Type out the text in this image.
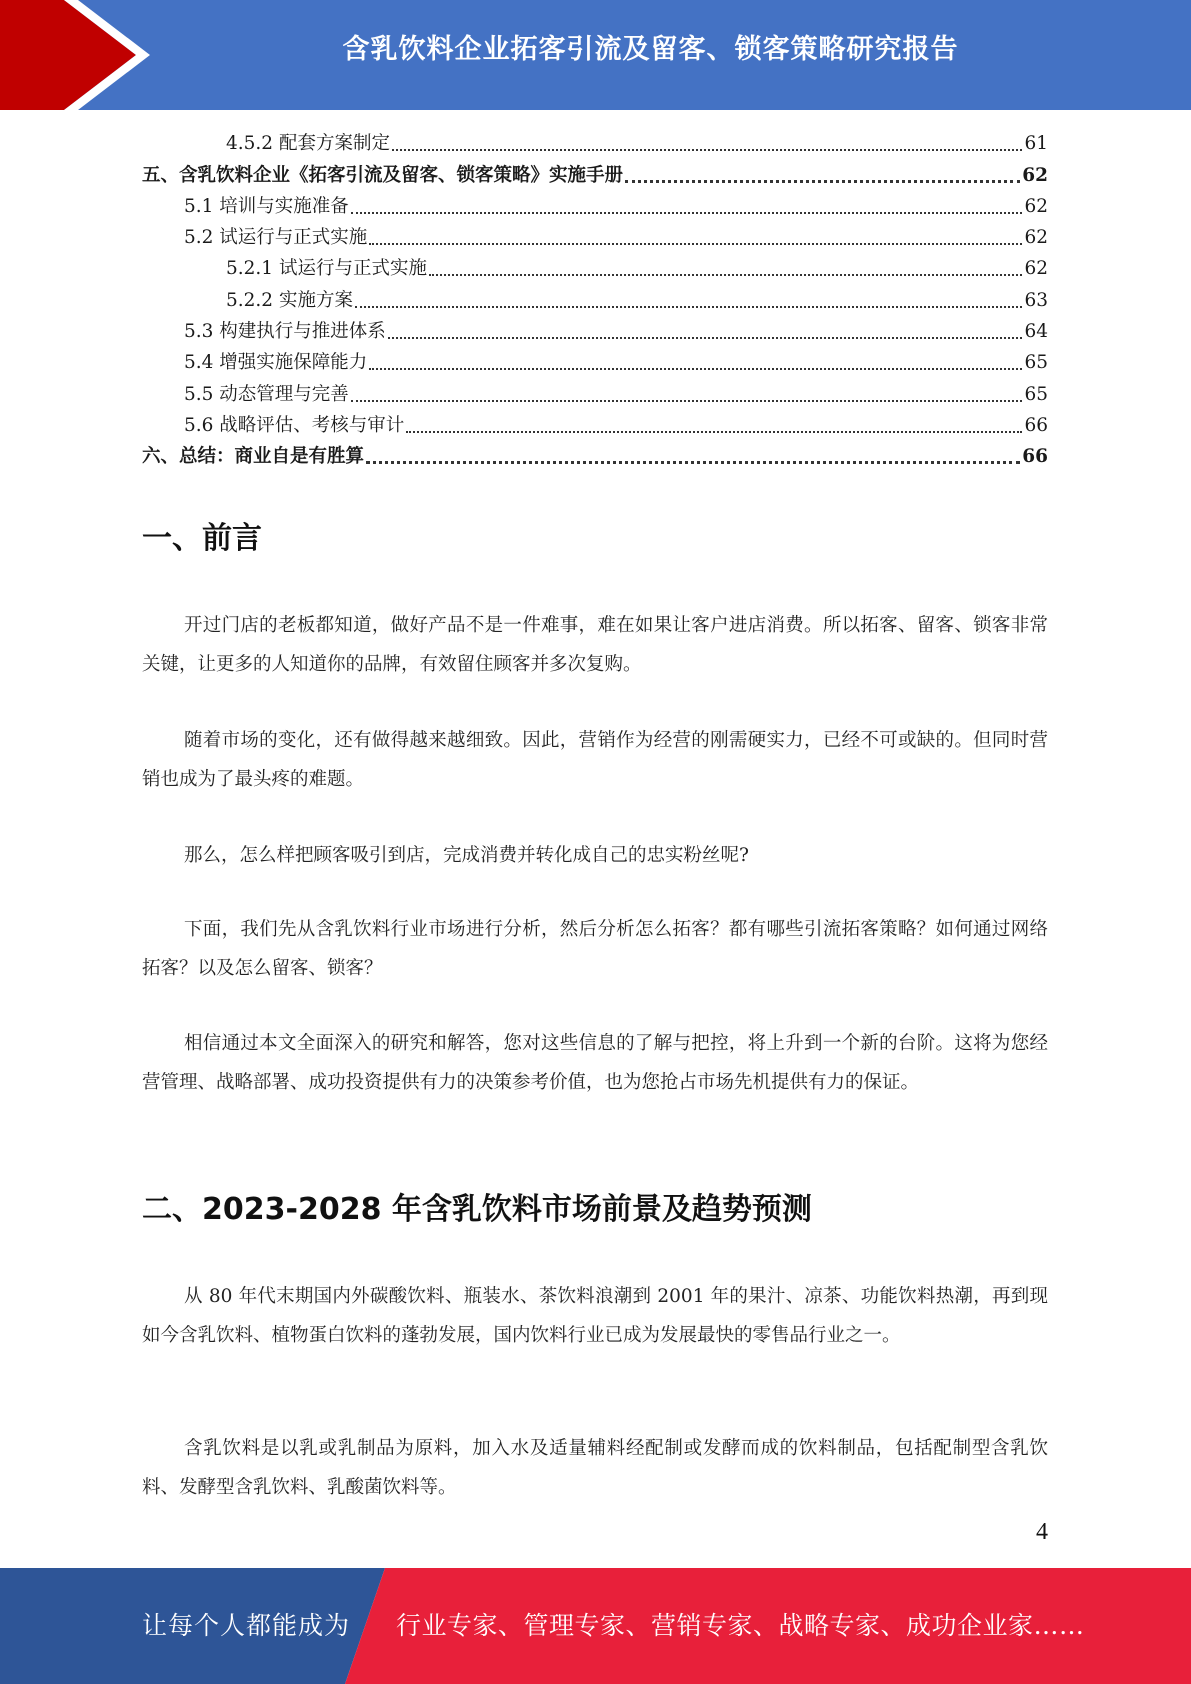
含乳饮料企业拓客引流及留客、锁客策略研究报告
4.5.2 配套方案制定	61
五、含乳饮料企业《拓客引流及留客、锁客策略》实施手册	62
5.1 培训与实施准备	62
5.2 试运行与正式实施	62
5.2.1 试运行与正式实施	62
5.2.2 实施方案	63
5.3 构建执行与推进体系	64
5.4 增强实施保障能力	65
5.5 动态管理与完善	65
5.6 战略评估、考核与审计	66
六、总结：商业自是有胜算	66
一、前言

开过门店的老板都知道，做好产品不是一件难事，难在如果让客户进店消费。所以拓客、留客、锁客非常关键，让更多的人知道你的品牌，有效留住顾客并多次复购。

随着市场的变化，还有做得越来越细致。因此，营销作为经营的刚需硬实力，已经不可或缺的。但同时营销也成为了最头疼的难题。

那么，怎么样把顾客吸引到店，完成消费并转化成自己的忠实粉丝呢?

下面，我们先从含乳饮料行业市场进行分析，然后分析怎么拓客？都有哪些引流拓客策略？如何通过网络拓客？以及怎么留客、锁客？

相信通过本文全面深入的研究和解答，您对这些信息的了解与把控，将上升到一个新的台阶。这将为您经营管理、战略部署、成功投资提供有力的决策参考价值，也为您抢占市场先机提供有力的保证。

二、2023-2028 年含乳饮料市场前景及趋势预测

从 80 年代末期国内外碳酸饮料、瓶装水、茶饮料浪潮到 2001 年的果汁、凉茶、功能饮料热潮，再到现如今含乳饮料、植物蛋白饮料的蓬勃发展，国内饮料行业已成为发展最快的零售品行业之一。

含乳饮料是以乳或乳制品为原料，加入水及适量辅料经配制或发酵而成的饮料制品，包括配制型含乳饮料、发酵型含乳饮料、乳酸菌饮料等。

4
让每个人都能成为 行业专家、管理专家、营销专家、战略专家、成功企业家……
